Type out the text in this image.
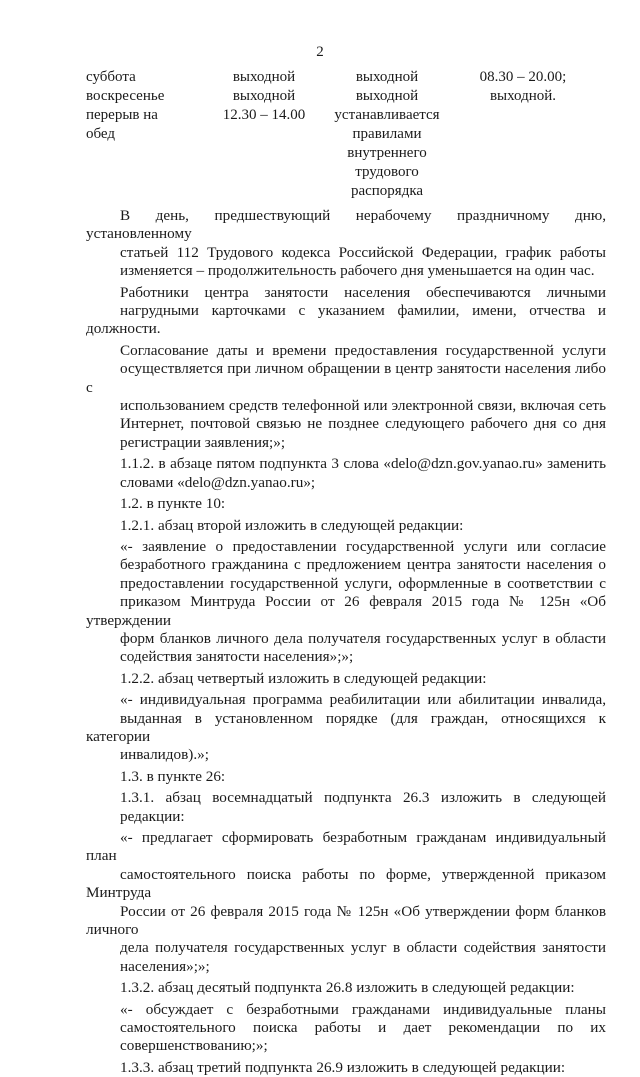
2
суббота
воскресенье
перерыв на
обед
выходной
выходной
12.30 – 14.00
выходной
выходной
устанавливается
правилами
внутреннего
трудового
распорядка
08.30 – 20.00;
выходной.
В день, предшествующий нерабочему праздничному дню, установленному
статьей 112 Трудового кодекса Российской Федерации, график работы
изменяется – продолжительность рабочего дня уменьшается на один час.
Работники центра занятости населения обеспечиваются личными
нагрудными карточками с указанием фамилии, имени, отчества и должности.
Согласование даты и времени предоставления государственной услуги
осуществляется при личном обращении в центр занятости населения либо с
использованием средств телефонной или электронной связи, включая сеть
Интернет, почтовой связью не позднее следующего рабочего дня со дня
регистрации заявления;»;
1.1.2. в абзаце пятом подпункта 3 слова «delo@dzn.gov.yanao.ru» заменить
словами «delo@dzn.yanao.ru»;
1.2. в пункте 10:
1.2.1. абзац второй изложить в следующей редакции:
«- заявление о предоставлении государственной услуги или согласие
безработного гражданина с предложением центра занятости населения о
предоставлении государственной услуги, оформленные в соответствии с
приказом Минтруда России от 26 февраля 2015 года № 125н «Об утверждении
форм бланков личного дела получателя государственных услуг в области
содействия занятости населения»;»;
1.2.2. абзац четвертый изложить в следующей редакции:
«- индивидуальная программа реабилитации или абилитации инвалида,
выданная в установленном порядке (для граждан, относящихся к категории
инвалидов).»;
1.3. в пункте 26:
1.3.1. абзац восемнадцатый подпункта 26.3 изложить в следующей
редакции:
«- предлагает сформировать безработным гражданам индивидуальный план
самостоятельного поиска работы по форме, утвержденной приказом Минтруда
России от 26 февраля 2015 года № 125н «Об утверждении форм бланков личного
дела получателя государственных услуг в области содействия занятости
населения»;»;
1.3.2. абзац десятый подпункта 26.8 изложить в следующей редакции:
«- обсуждает с безработными гражданами индивидуальные планы
самостоятельного поиска работы и дает рекомендации по их
совершенствованию;»;
1.3.3. абзац третий подпункта 26.9 изложить в следующей редакции:
